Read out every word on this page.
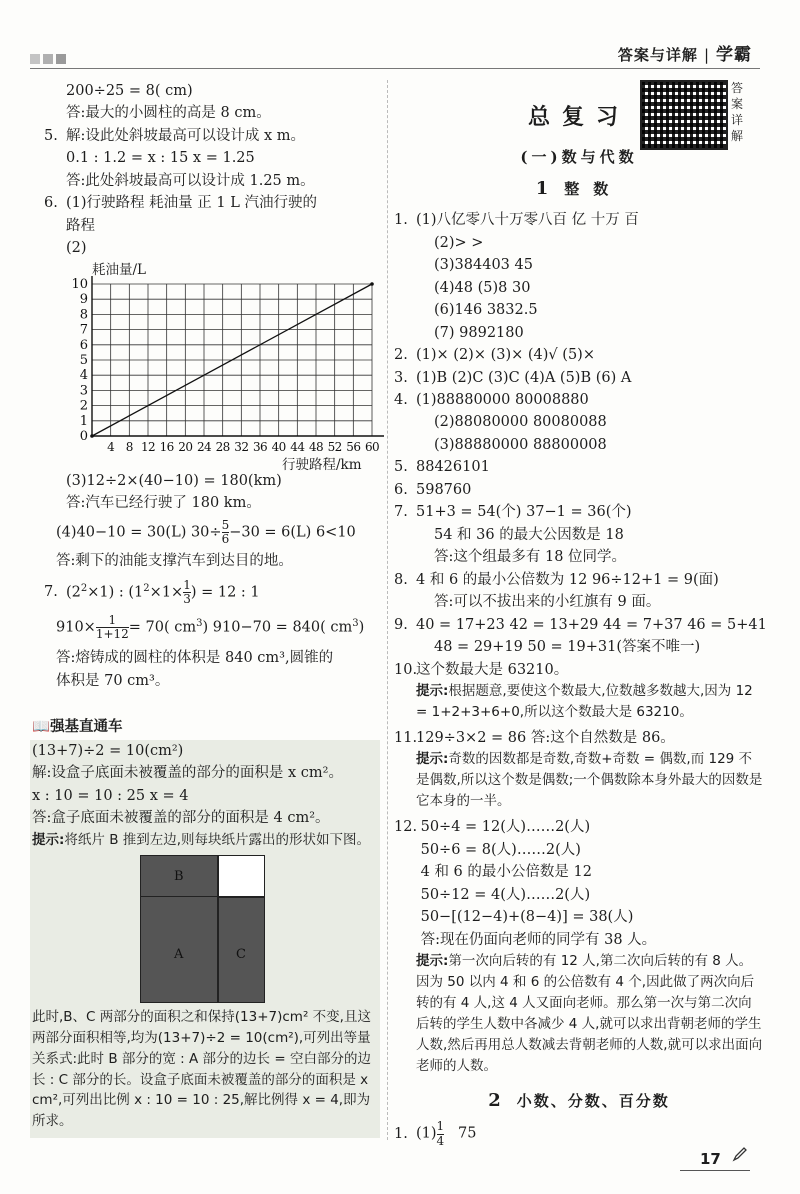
答案与详解 | 学霸
答案详解
200÷25 = 8( cm)
答:最大的小圆柱的高是 8 cm。
5. 解:设此处斜坡最高可以设计成 x m。
0.1 : 1.2 = x : 15 x = 1.25
答:此处斜坡最高可以设计成 1.25 m。
6. (1)行驶路程 耗油量 正 1 L 汽油行驶的
路程
(2)
0
1
2
3
4
5
6
7
8
9
10
4 8 12 16 20 24 28 32 36 40 44 48 52 56 60
耗油量/L
行驶路程/km
(3)12÷2×(40−10) = 180(km)
答:汽车已经行驶了 180 km。
(4)40−10 = 30(L) $30\div \frac{5}{6} -30 = 6(L)$ 6<10
答:剩下的油能支撑汽车到达目的地。
7. $(2^2\times 1)$ : ($1^2\times 1\times \frac{1}{3}$ ) = 12 : 1
$910\times \frac{1}{1+12} = 70$( $cm^3$) 910−70 = 840( $cm^3$)
答:熔铸成的圆柱的体积是 840 cm³,圆锥的
体积是 70 cm³。
📖强基直通车
(13+7)÷2 = 10(cm²)
解:设盒子底面未被覆盖的部分的面积是 x cm²。
x : 10 = 10 : 25 x = 4
答:盒子底面未被覆盖的部分的面积是 4 cm²。
提示:将纸片 B 推到左边,则每块纸片露出的形状如下图。
B
A	C
此时,B、C 两部分的面积之和保持(13+7)cm² 不变,且这两部分面积相等,均为(13+7)÷2 = 10(cm²),可列出等量关系式:此时 B 部分的宽 : A 部分的边长 = 空白部分的边长 : C 部分的长。设盒子底面未被覆盖的部分的面积是 x cm²,可列出比例 x : 10 = 10 : 25,解比例得 x = 4,即为所求。
总复习
(一)数与代数
1 整数
1. (1)八亿零八十万零八百 亿 十万 百
(2)> >
(3)384403 45
(4)48 (5)8 30
(6)146 3832.5
(7) 9892180
2. (1)× (2)× (3)× (4)√ (5)×
3. (1)B (2)C (3)C (4)A (5)B (6) A
4. (1)88880000 80008880
(2)88080000 80080088
(3)88880000 88800008
5. 88426101
6. 598760
7. 51+3 = 54(个) 37−1 = 36(个)
54 和 36 的最大公因数是 18
答:这个组最多有 18 位同学。
8. 4 和 6 的最小公倍数为 12 96÷12+1 = 9(面)
答:可以不拔出来的小红旗有 9 面。
9. 40 = 17+23 42 = 13+29 44 = 7+37 46 = 5+41
48 = 29+19 50 = 19+31(答案不唯一)
10.这个数最大是 63210。
提示:根据题意,要使这个数最大,位数越多数越大,因为 12 = 1+2+3+6+0,所以这个数最大是 63210。
11.129÷3×2 = 86 答:这个自然数是 86。
提示:奇数的因数都是奇数,奇数+奇数 = 偶数,而 129 不是偶数,所以这个数是偶数;一个偶数除本身外最大的因数是它本身的一半。
12. 50÷4 = 12(人)……2(人)
50÷6 = 8(人)……2(人)
4 和 6 的最小公倍数是 12
50÷12 = 4(人)……2(人)
50−[(12−4)+(8−4)] = 38(人)
答:现在仍面向老师的同学有 38 人。
提示:第一次向后转的有 12 人,第二次向后转的有 8 人。因为 50 以内 4 和 6 的公倍数有 4 个,因此做了两次向后转的有 4 人,这 4 人又面向老师。那么第一次与第二次向后转的学生人数中各减少 4 人,就可以求出背朝老师的学生人数,然后再用总人数减去背朝老师的人数,就可以求出面向老师的人数。
2 小数、分数、百分数
1. $(1) \frac{1}{4} 75$
17
